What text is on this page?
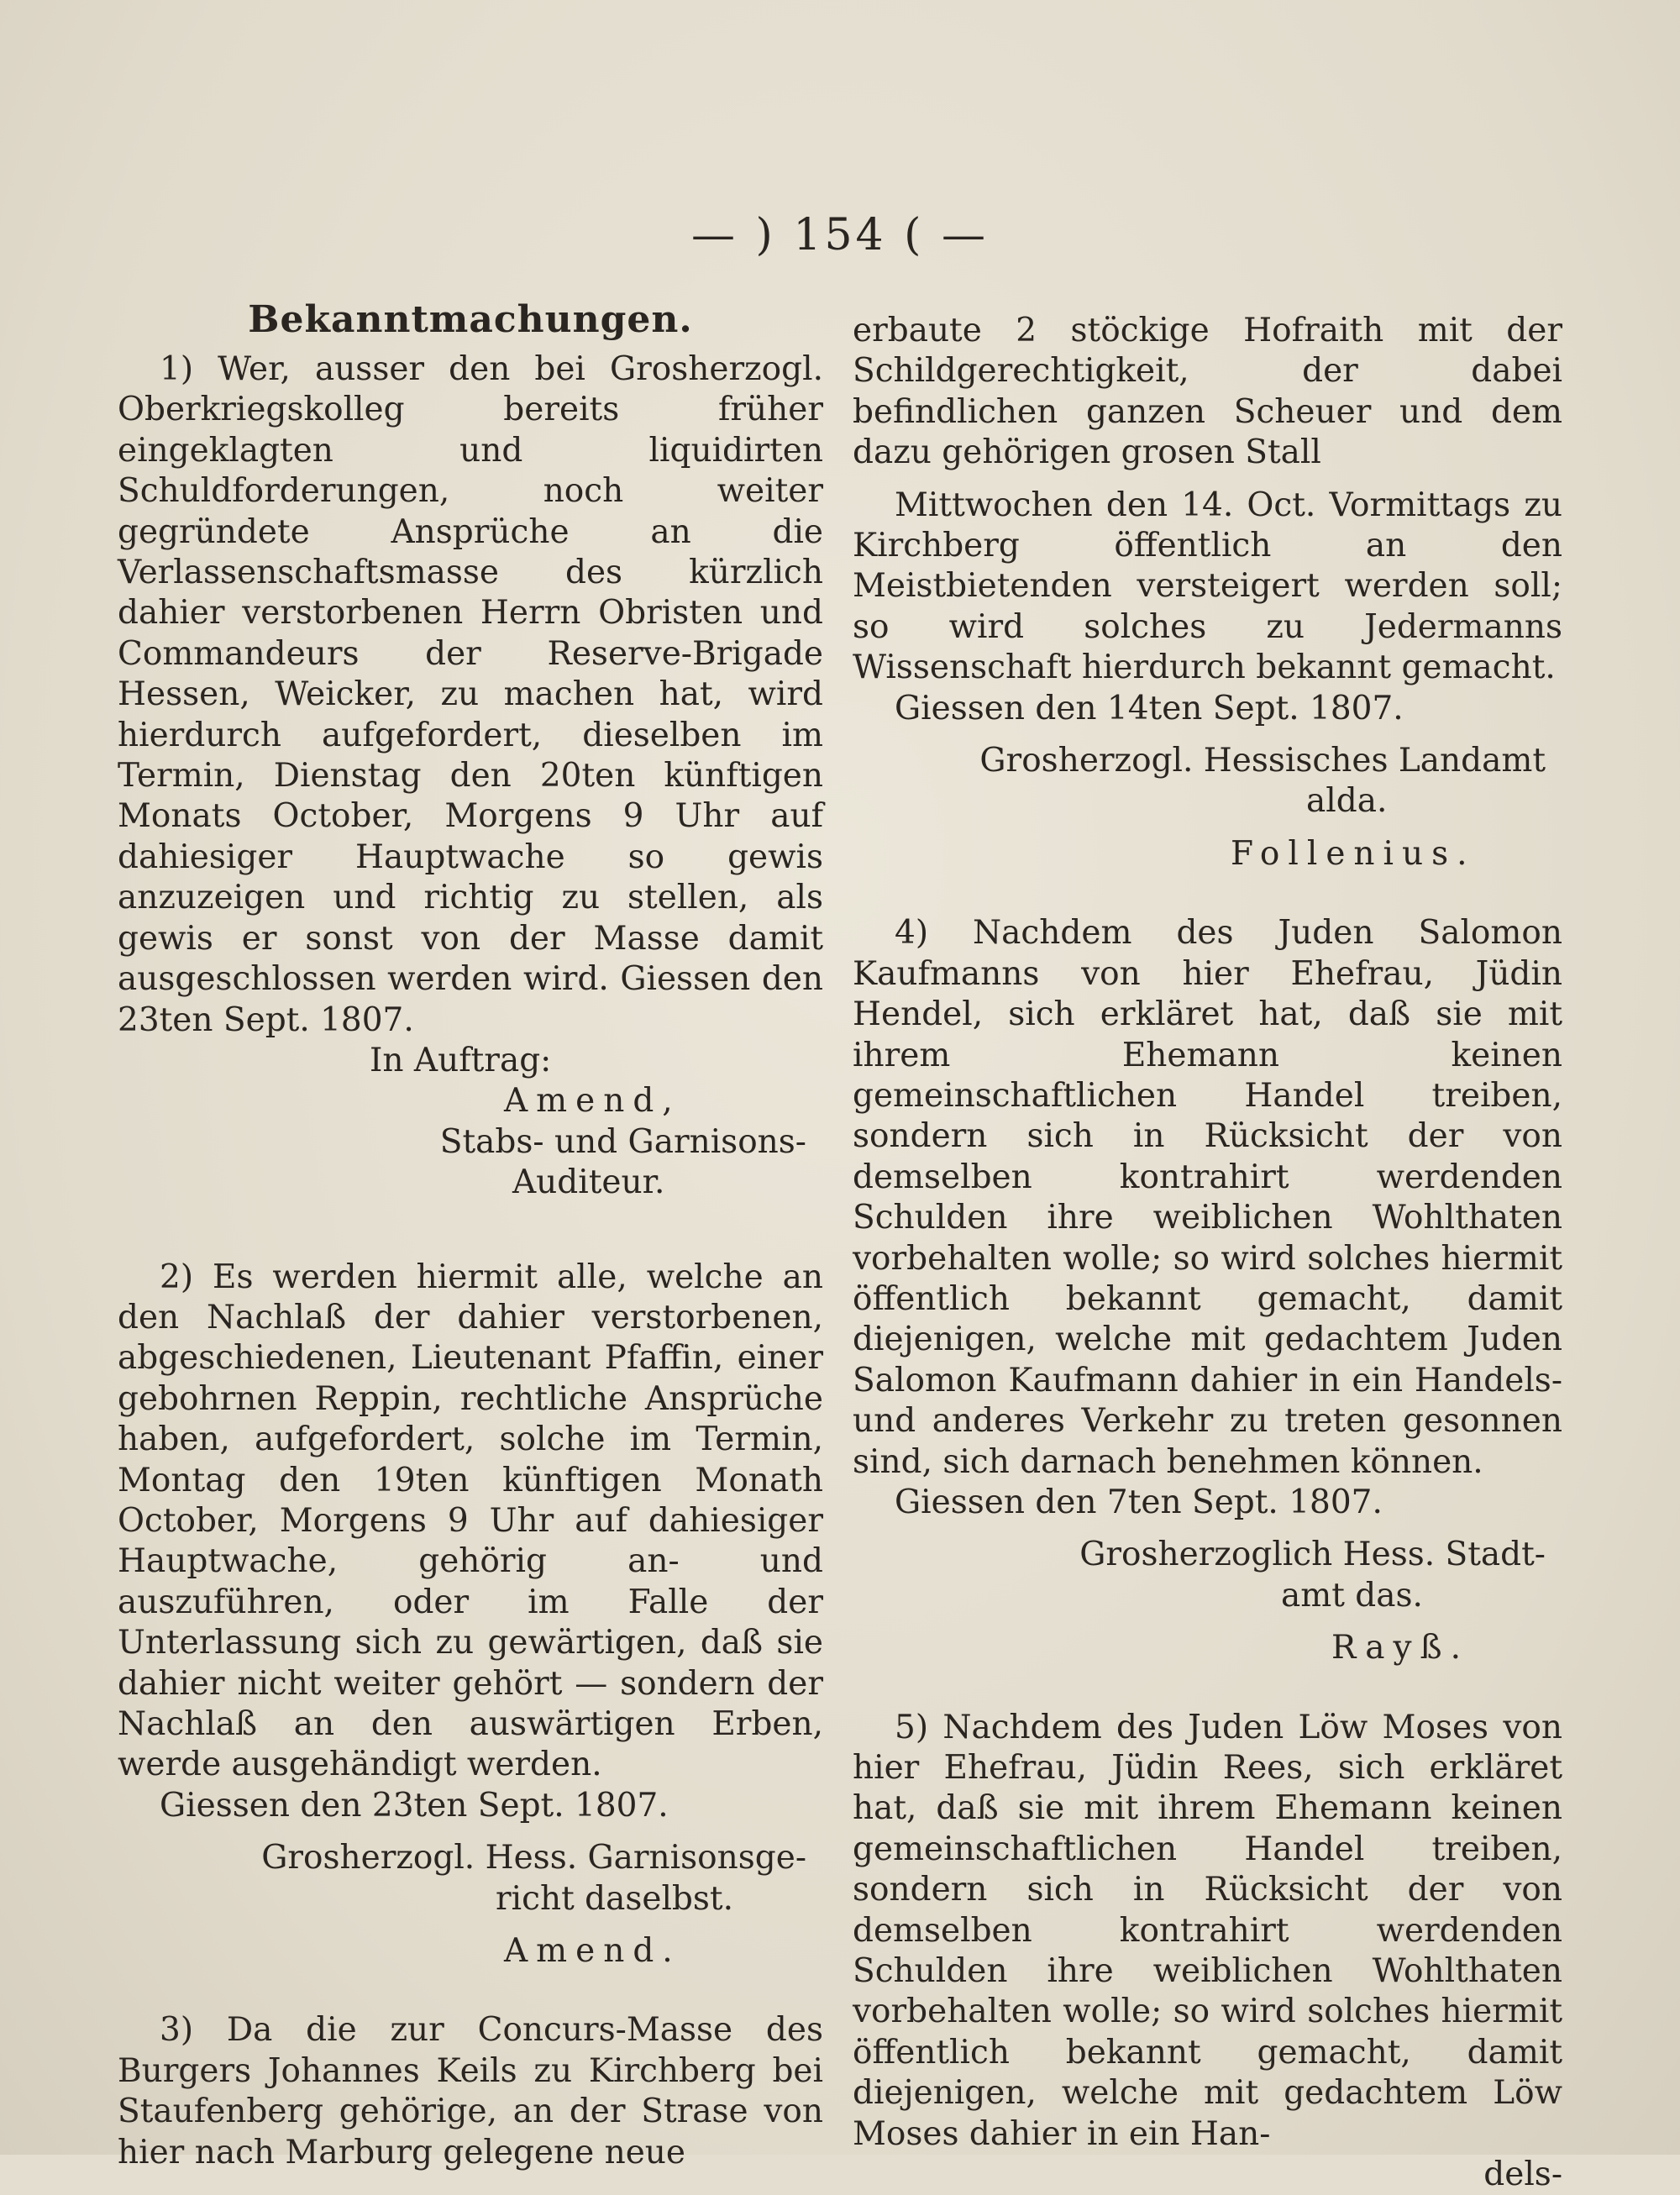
— ) 154 ( —

Bekanntmachungen.

1) Wer, ausser den bei Grosherzogl. Oberkriegskolleg bereits früher eingeklagten und liquidirten Schuldforderungen, noch weiter gegründete Ansprüche an die Verlassenschaftsmasse des kürzlich dahier verstorbenen Herrn Obristen und Commandeurs der Reserve-Brigade Hessen, Weicker, zu machen hat, wird hierdurch aufgefordert, dieselben im Termin, Dienstag den 20ten künftigen Monats October, Morgens 9 Uhr auf dahiesiger Hauptwache so gewis anzuzeigen und richtig zu stellen, als gewis er sonst von der Masse damit ausgeschlossen werden wird. Giessen den 23ten Sept. 1807.

In Auftrag:

Amend,

Stabs- und Garnisons-

Auditeur.

2) Es werden hiermit alle, welche an den Nachlaß der dahier verstorbenen, abgeschiedenen, Lieutenant Pfaffin, einer gebohrnen Reppin, rechtliche Ansprüche haben, aufgefordert, solche im Termin, Montag den 19ten künftigen Monath October, Morgens 9 Uhr auf dahiesiger Hauptwache, gehörig an- und auszuführen, oder im Falle der Unterlassung sich zu gewärtigen, daß sie dahier nicht weiter gehört — sondern der Nachlaß an den auswärtigen Erben, werde ausgehändigt werden.

Giessen den 23ten Sept. 1807.

Grosherzogl. Hess. Garnisonsge-

richt daselbst.

Amend.

3) Da die zur Concurs-Masse des Burgers Johannes Keils zu Kirchberg bei Staufenberg gehörige, an der Strase von hier nach Marburg gelegene neue

erbaute 2 stöckige Hofraith mit der Schildgerechtigkeit, der dabei befindlichen ganzen Scheuer und dem dazu gehörigen grosen Stall

Mittwochen den 14. Oct. Vormittags zu Kirchberg öffentlich an den Meistbietenden versteigert werden soll; so wird solches zu Jedermanns Wissenschaft hierdurch bekannt gemacht.

Giessen den 14ten Sept. 1807.

Grosherzogl. Hessisches Landamt

alda.

Follenius.

4) Nachdem des Juden Salomon Kaufmanns von hier Ehefrau, Jüdin Hendel, sich erkläret hat, daß sie mit ihrem Ehemann keinen gemeinschaftlichen Handel treiben, sondern sich in Rücksicht der von demselben kontrahirt werdenden Schulden ihre weiblichen Wohlthaten vorbehalten wolle; so wird solches hiermit öffentlich bekannt gemacht, damit diejenigen, welche mit gedachtem Juden Salomon Kaufmann dahier in ein Handels- und anderes Verkehr zu treten gesonnen sind, sich darnach benehmen können.

Giessen den 7ten Sept. 1807.

Grosherzoglich Hess. Stadt-

amt das.

Rayß.

5) Nachdem des Juden Löw Moses von hier Ehefrau, Jüdin Rees, sich erkläret hat, daß sie mit ihrem Ehemann keinen gemeinschaftlichen Handel treiben, sondern sich in Rücksicht der von demselben kontrahirt werdenden Schulden ihre weiblichen Wohlthaten vorbehalten wolle; so wird solches hiermit öffentlich bekannt gemacht, damit diejenigen, welche mit gedachtem Löw Moses dahier in ein Han-

dels-
